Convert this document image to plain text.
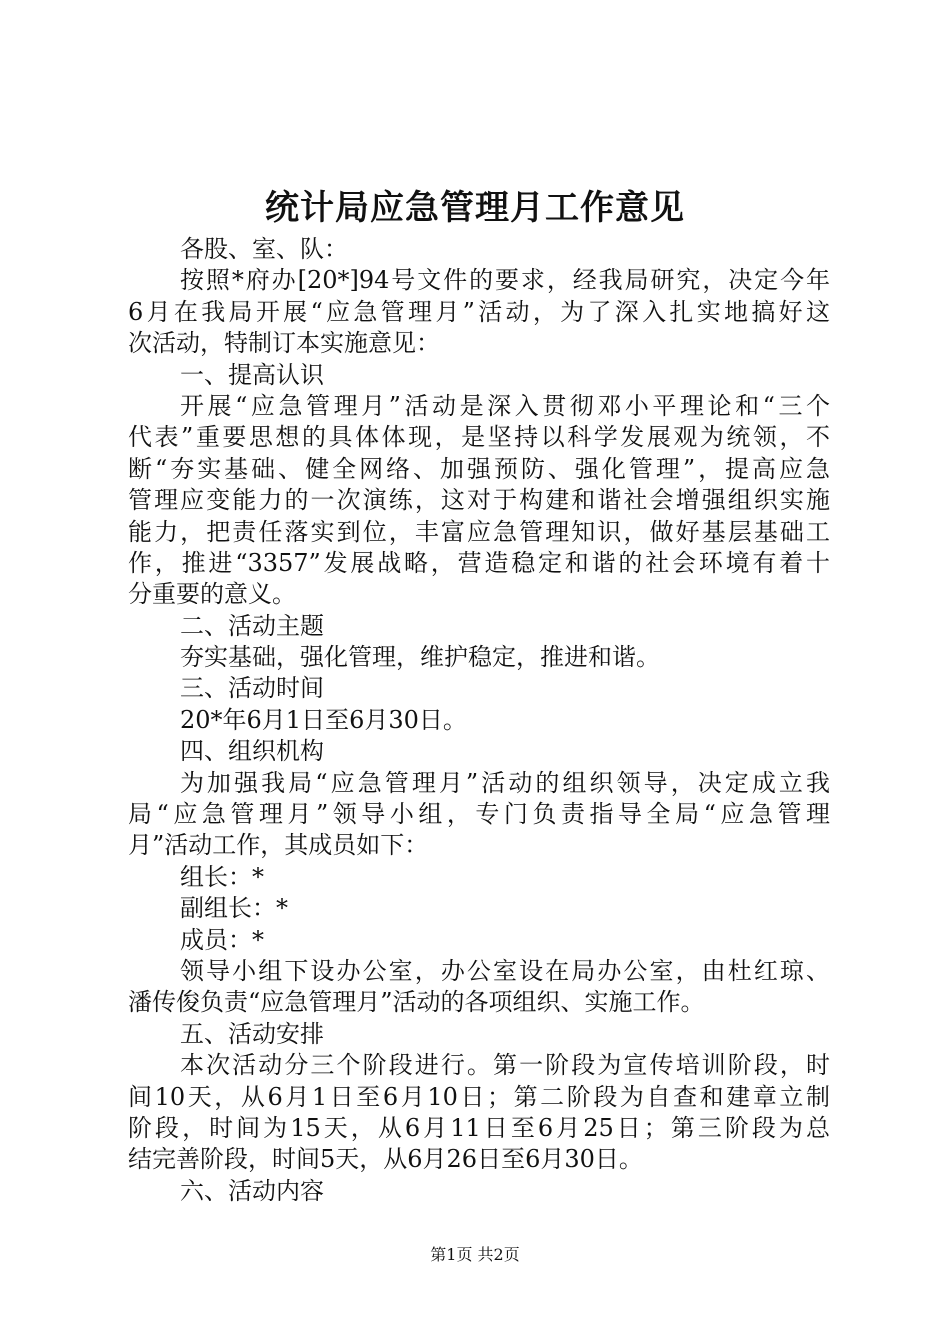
统计局应急管理月工作意见
各股、室、队：
按照*府办[20*]94号文件的要求，经我局研究，决定今年
6月在我局开展“应急管理月”活动，为了深入扎实地搞好这
次活动，特制订本实施意见：
一、提高认识
开展“应急管理月”活动是深入贯彻邓小平理论和“三个
代表”重要思想的具体体现，是坚持以科学发展观为统领，不
断“夯实基础、健全网络、加强预防、强化管理”，提高应急
管理应变能力的一次演练，这对于构建和谐社会增强组织实施
能力，把责任落实到位，丰富应急管理知识，做好基层基础工
作，推进“3357”发展战略，营造稳定和谐的社会环境有着十
分重要的意义。
二、活动主题
夯实基础，强化管理，维护稳定，推进和谐。
三、活动时间
20*年6月1日至6月30日。
四、组织机构
为加强我局“应急管理月”活动的组织领导，决定成立我
局“应急管理月”领导小组，专门负责指导全局“应急管理
月”活动工作，其成员如下：
组长：*
副组长：*
成员：*
领导小组下设办公室，办公室设在局办公室，由杜红琼、
潘传俊负责“应急管理月”活动的各项组织、实施工作。
五、活动安排
本次活动分三个阶段进行。第一阶段为宣传培训阶段，时
间10天，从6月1日至6月10日；第二阶段为自查和建章立制
阶段，时间为15天，从6月11日至6月25日；第三阶段为总
结完善阶段，时间5天，从6月26日至6月30日。
六、活动内容
第1页 共2页
